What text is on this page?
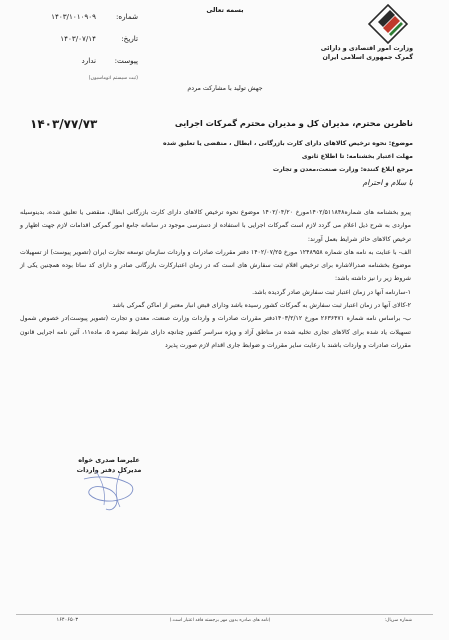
بسمه تعالی
وزارت امور اقتصادی و دارائی
گمرک جمهوری اسلامی ایران
شماره:
۱۴۰۳/۱۰۱۰۹۰۹
تاریخ:
۱۴۰۳/۰۷/۱۴
پیوست:
ندارد
(ثبت سیستم اتوماسیون)
جهش تولید با مشارکت مردم
۱۴۰۳/۷۷/۷۳	ناظرین محترم، مدیران کل و مدیران محترم گمرکات اجرایی
موضوع: نحوه ترخیص کالاهای دارای کارت بازرگانی ، ابطال ، منقضی یا تعلیق شده
مهلت اعتبار بخشنامه: تا اطلاع ثانوی
مرجع ابلاغ کننده: وزارت صنعت،معدن و تجارت
با سلام و احترام

پیرو بخشنامه های شماره۱۴۰۲/۵۱۱۸۴۸مورخ ۱۴۰۲/۰۴/۲۰ موضوع نحوه ترخیص کالاهای دارای کارت بازرگانی ابطال، منقضی یا تعلیق شده، بدینوسیله مواردی به شرح ذیل اعلام می گردد لازم است گمرکات اجرایی با استفاده از دسترسی موجود در سامانه جامع امور گمرکی اقدامات لازم جهت اظهار و ترخیص کالاهای حائز شرایط بعمل آورند:

الف- با عنایت به نامه های شماره ۱۲۴۸۹۵۸ مورخ ۱۴۰۲/۰۷/۲۵ دفتر مقررات صادرات و واردات سازمان توسعه تجارت ایران (تصویر پیوست) از تسهیلات موضوع بخشنامه صدرالاشاره برای ترخیص اقلام ثبت سفارش های است که در زمان اعتبارکارت بازرگانی صادر و دارای کد ساتا بوده همچنین یکی از شروط زیر را نیز داشته باشد:

۱-سارنامه آنها در زمان اعتبار ثبت سفارش صادر گردیده باشد.

۲-کالای آنها در زمان اعتبار ثبت سفارش به گمرکات کشور رسیده باشد ودارای قبض انبار معتبر از اماکن گمرکی باشد

ب- براساس نامه شماره ۲۶۳۶۴۷۱ مورخ ۱۴۰۳/۲/۱۲دفتر مقررات صادرات و واردات وزارت صنعت، معدن و تجارت (تصویر پیوست)در خصوص شمول تسهیلات یاد شده برای کالاهای تجاری تخلیه شده در مناطق آزاد و ویژه سراسر کشور چنانچه دارای شرایط تبصره ۵، ماده۱۱، آئین نامه اجرایی قانون مقررات صادرات و واردات باشند با رعایت سایر مقررات و ضوابط جاری اقدام لازم صورت پذیرد

علیرضا صدری خواه
مدیرکل دفتر واردات
شماره سریال:
(نامه های صادره بدون مهر برجسته فاقد اعتبار است.)
۱۶۴۰۶۵۰۳
